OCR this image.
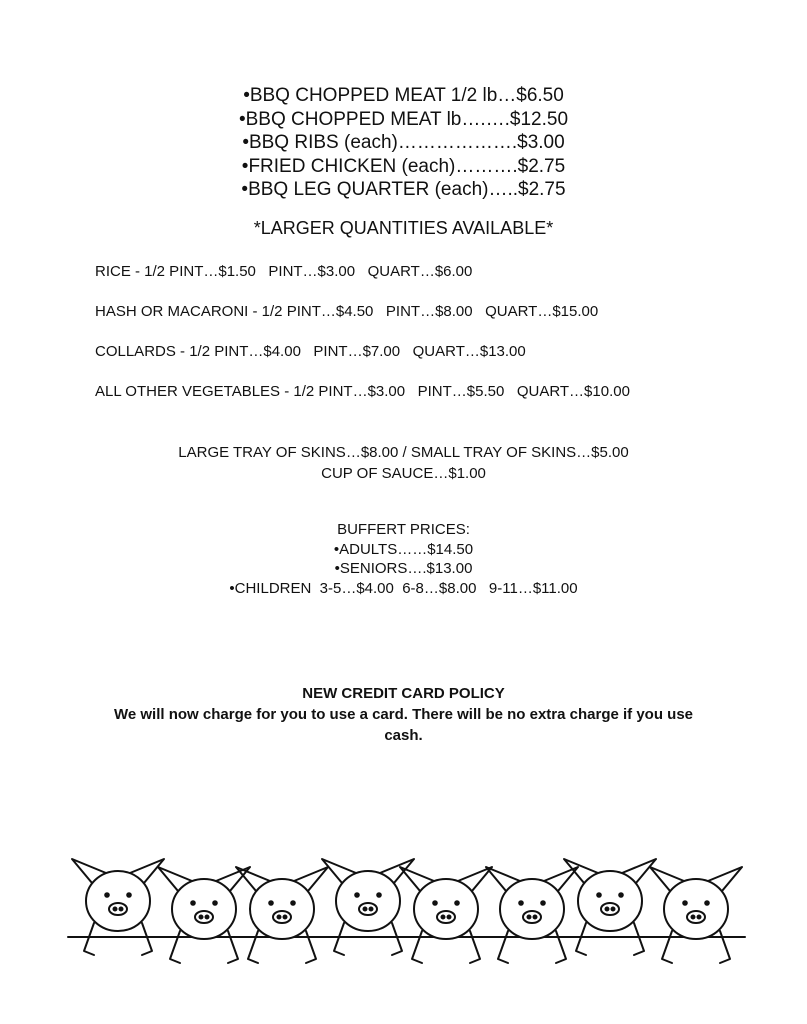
•BBQ CHOPPED MEAT 1/2 lb…$6.50
•BBQ CHOPPED MEAT lb….….$12.50
•BBQ RIBS (each)……………….$3.00
•FRIED CHICKEN (each)……….$2.75
•BBQ LEG QUARTER (each)…..$2.75
*LARGER QUANTITIES AVAILABLE*
RICE - 1/2 PINT…$1.50   PINT…$3.00   QUART…$6.00
HASH OR MACARONI - 1/2 PINT…$4.50   PINT…$8.00   QUART…$15.00
COLLARDS - 1/2 PINT…$4.00   PINT…$7.00   QUART…$13.00
ALL OTHER VEGETABLES - 1/2 PINT…$3.00   PINT…$5.50   QUART…$10.00
LARGE TRAY OF SKINS…$8.00 / SMALL TRAY OF SKINS…$5.00
CUP OF SAUCE…$1.00
BUFFERT PRICES:
•ADULTS……$14.50
•SENIORS….$13.00
•CHILDREN  3-5…$4.00  6-8…$8.00   9-11…$11.00
NEW CREDIT CARD POLICY
We will now charge for you to use a card. There will be no extra charge if you use cash.
